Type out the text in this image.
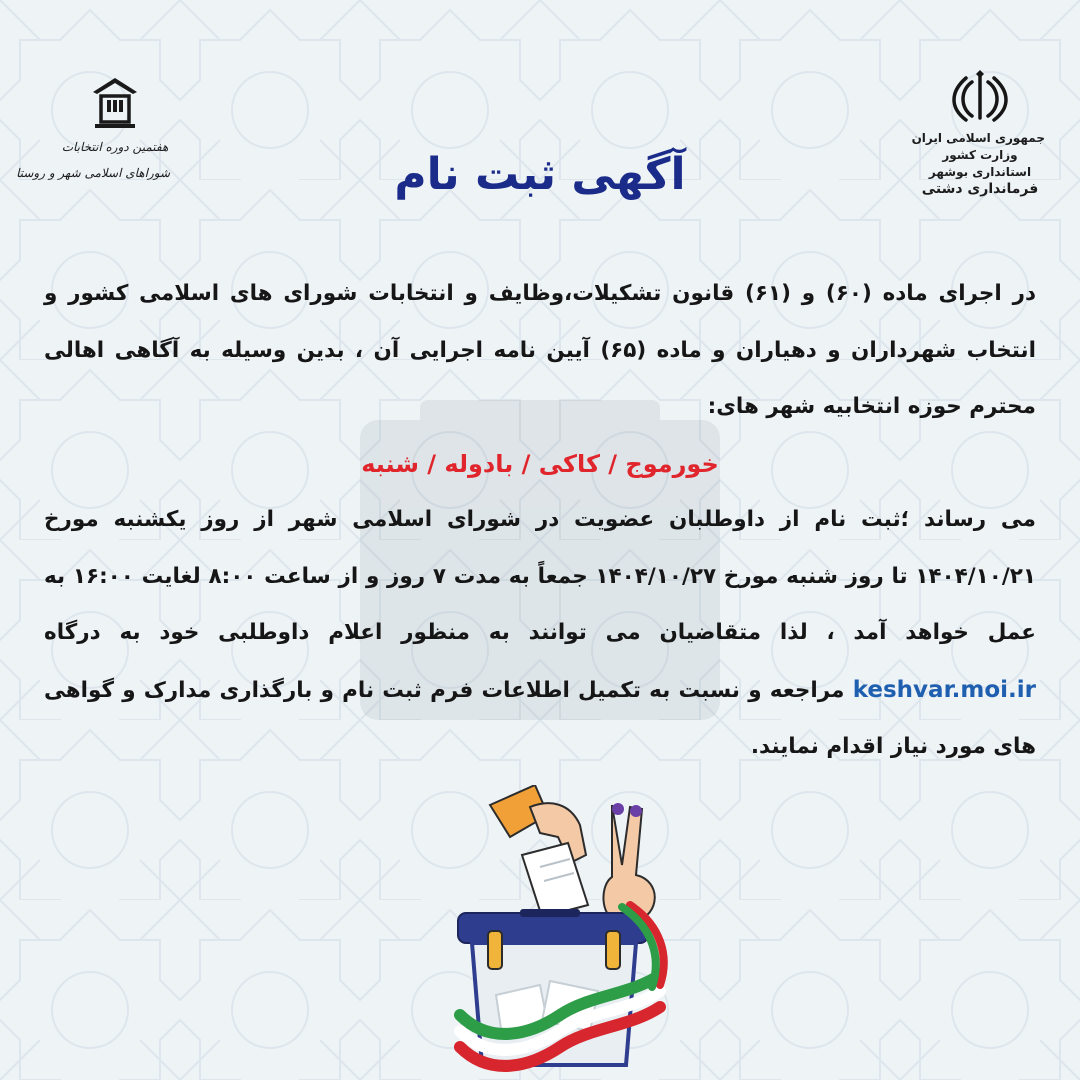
جمهوری اسلامی ایران
وزارت کشور
استانداری بوشهر
فرمانداری دشتی
هفتمین دوره انتخابات
شوراهای اسلامی شهر و روستا	آگهی ثبت نام

در اجرای ماده (۶۰) و (۶۱) قانون تشکیلات،وظایف و انتخابات شورای های اسلامی کشور و انتخاب شهرداران و دهیاران و ماده (۶۵) آیین نامه اجرایی آن ، بدین وسیله به آگاهی اهالی محترم حوزه انتخابیه شهر های:

خورموج / کاکی / بادوله / شنبه

می رساند ؛ثبت نام از داوطلبان عضویت در شورای اسلامی شهر از روز یکشنبه مورخ ۱۴۰۴/۱۰/۲۱ تا روز شنبه مورخ ۱۴۰۴/۱۰/۲۷ جمعاً به مدت ۷ روز و از ساعت ۸:۰۰ لغایت ۱۶:۰۰ به عمل خواهد آمد ، لذا متقاضیان می توانند به منظور اعلام داوطلبی خود به درگاه keshvar.moi.ir مراجعه و نسبت به تکمیل اطلاعات فرم ثبت نام و بارگذاری مدارک و گواهی های مورد نیاز اقدام نمایند.
